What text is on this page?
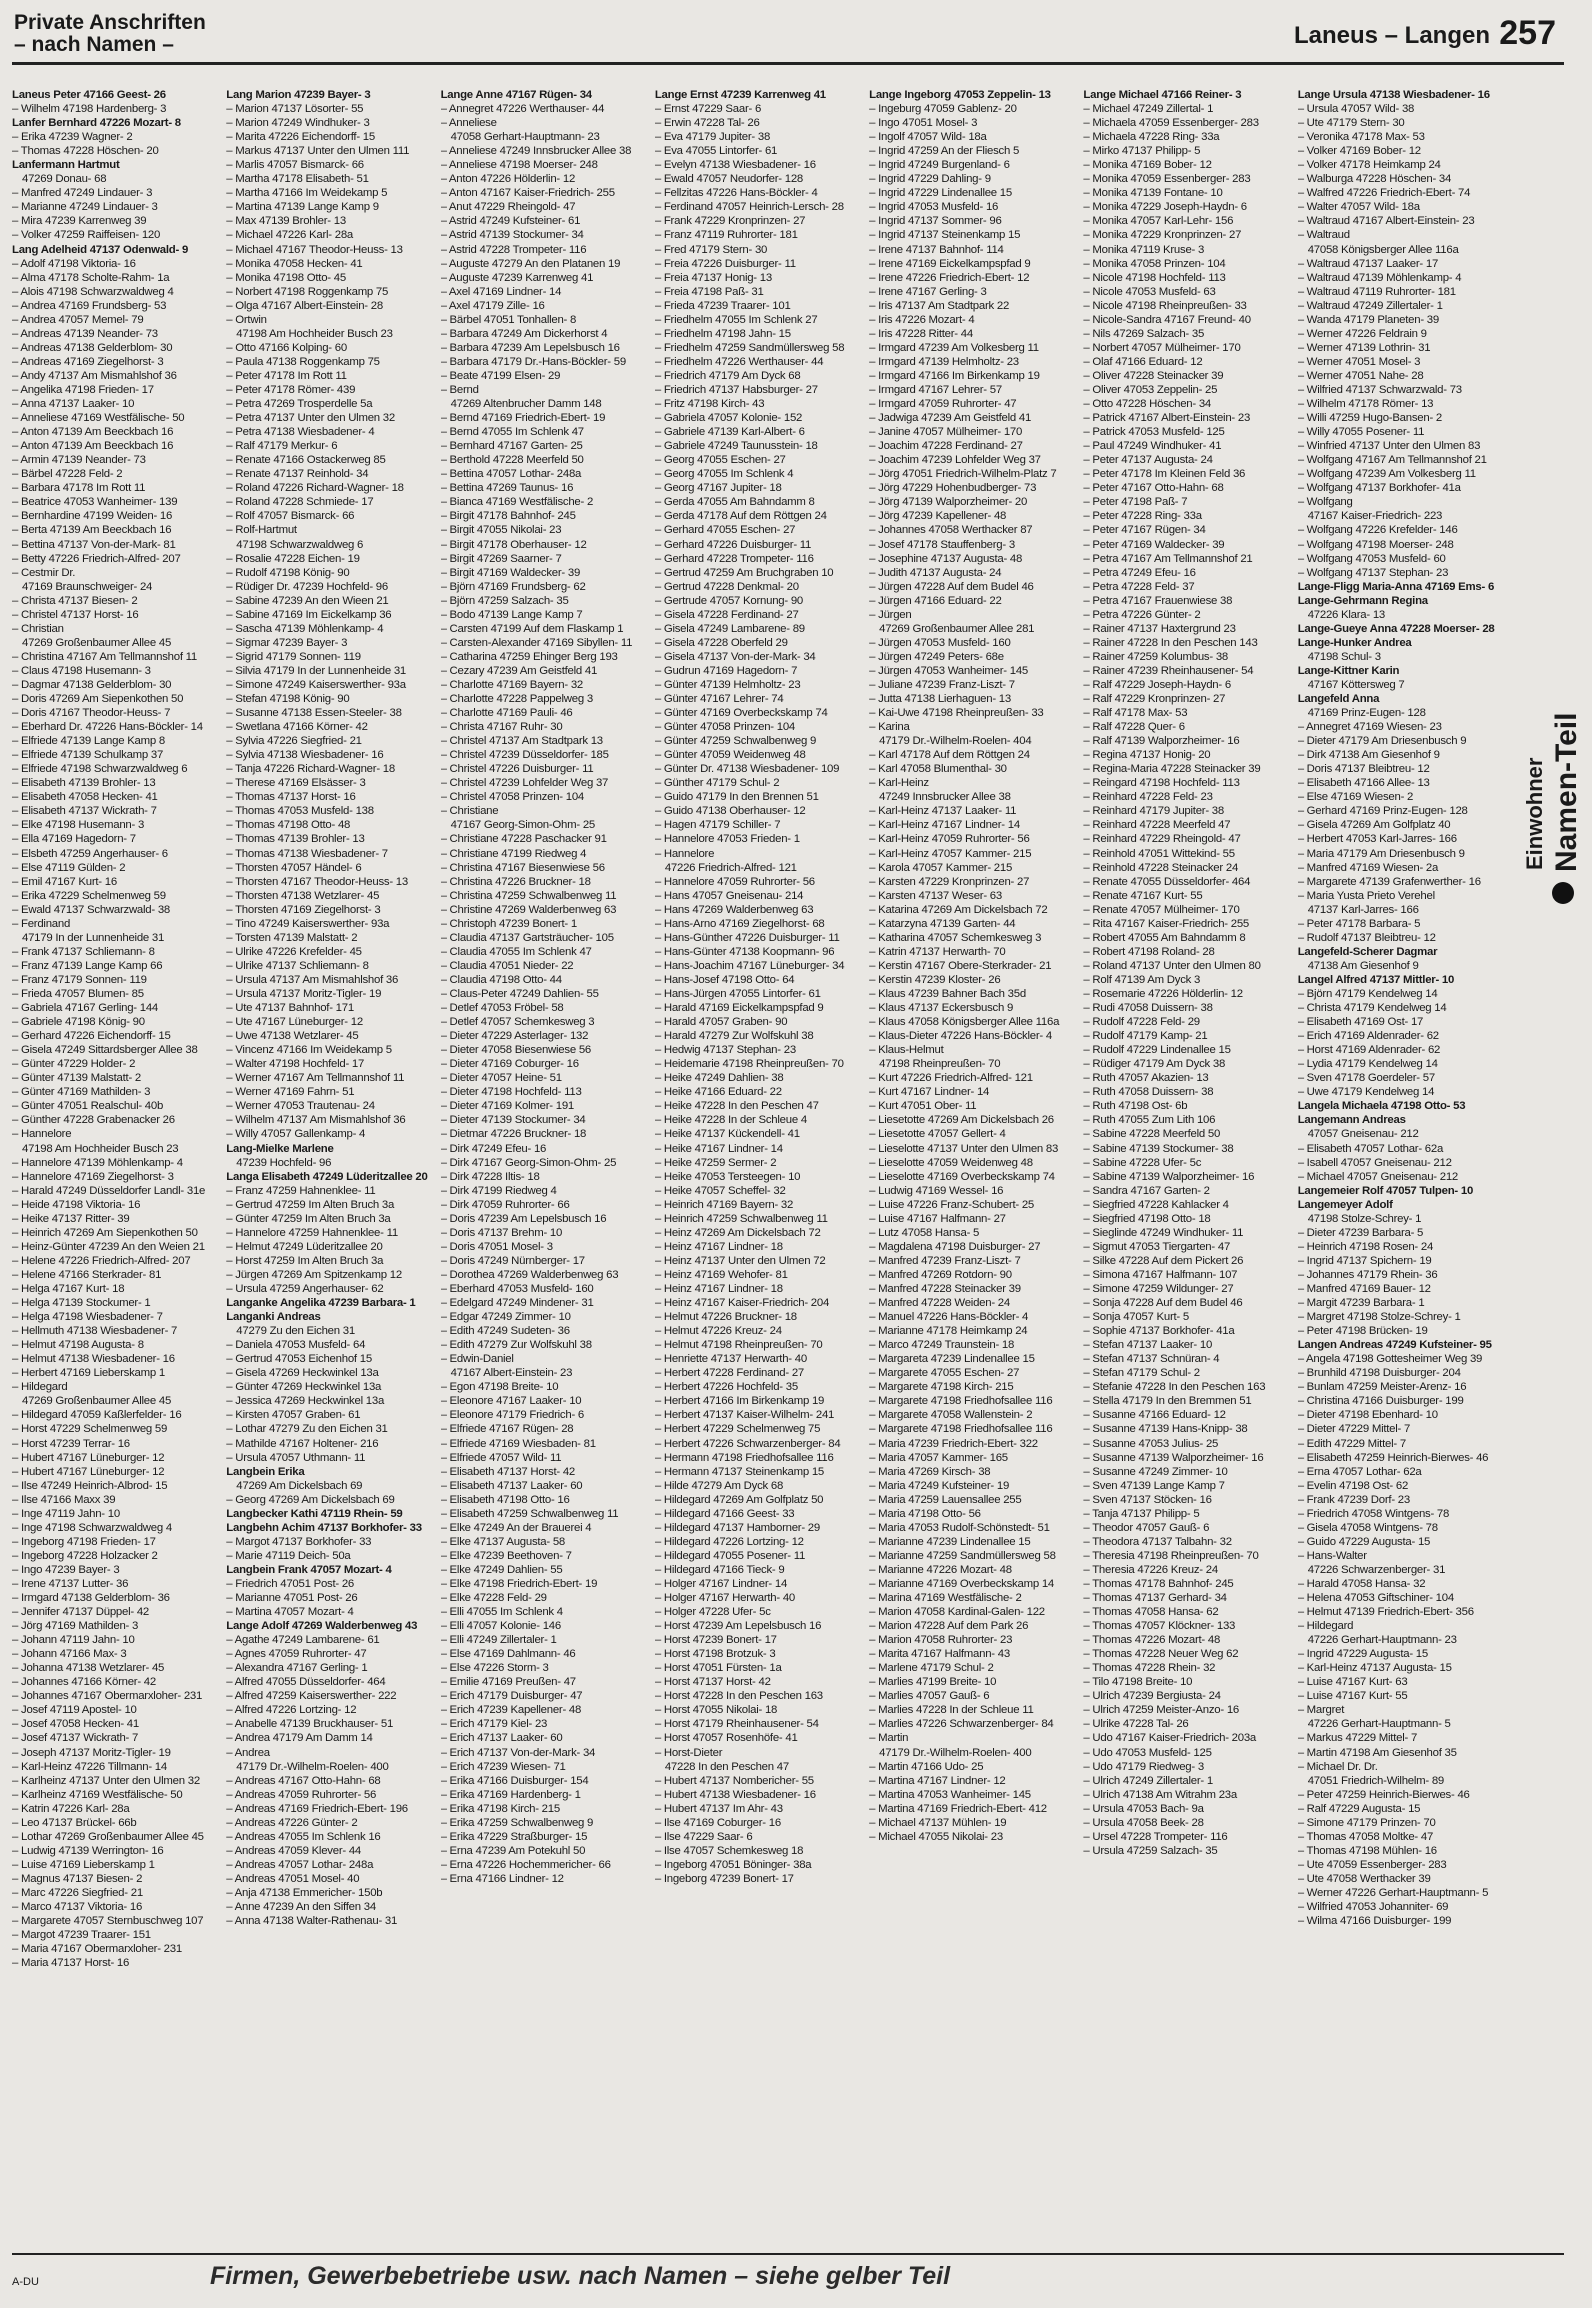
Private Anschriften
– nach Namen –	Laneus – Langen 257
Laneus Peter 47166 Geest- 26
– Wilhelm 47198 Hardenberg- 3
Lanfer Bernhard 47226 Mozart- 8
– Erika 47239 Wagner- 2
– Thomas 47228 Höschen- 20
Lanfermann Hartmut
47269 Donau- 68
– Manfred 47249 Lindauer- 3
– Marianne 47249 Lindauer- 3
– Mira 47239 Karrenweg 39
– Volker 47259 Raiffeisen- 120
Lang Adelheid 47137 Odenwald- 9
– Adolf 47198 Viktoria- 16
– Alma 47178 Scholte-Rahm- 1a
– Alois 47198 Schwarzwaldweg 4
– Andrea 47169 Frundsberg- 53
– Andrea 47057 Memel- 79
– Andreas 47139 Neander- 73
– Andreas 47138 Gelderblom- 30
– Andreas 47169 Ziegelhorst- 3
– Andy 47137 Am Mismahlshof 36
– Angelika 47198 Frieden- 17
– Anna 47137 Laaker- 10
– Anneliese 47169 Westfälische- 50
– Anton 47139 Am Beeckbach 16
– Anton 47139 Am Beeckbach 16
– Armin 47139 Neander- 73
– Bärbel 47228 Feld- 2
– Barbara 47178 Im Rott 11
– Beatrice 47053 Wanheimer- 139
– Bernhardine 47199 Weiden- 16
– Berta 47139 Am Beeckbach 16
– Bettina 47137 Von-der-Mark- 81
– Betty 47226 Friedrich-Alfred- 207
– Cestmir Dr.
47169 Braunschweiger- 24
– Christa 47137 Biesen- 2
– Christel 47137 Horst- 16
– Christian
47269 Großenbaumer Allee 45
– Christina 47167 Am Tellmannshof 11
– Claus 47198 Husemann- 3
– Dagmar 47138 Gelderblom- 30
– Doris 47269 Am Siepenkothen 50
– Doris 47167 Theodor-Heuss- 7
– Eberhard Dr. 47226 Hans-Böckler- 14
– Elfriede 47139 Lange Kamp 8
– Elfriede 47139 Schulkamp 37
– Elfriede 47198 Schwarzwaldweg 6
– Elisabeth 47139 Brohler- 13
– Elisabeth 47058 Hecken- 41
– Elisabeth 47137 Wickrath- 7
– Elke 47198 Husemann- 3
– Ella 47169 Hagedorn- 7
– Elsbeth 47259 Angerhauser- 6
– Else 47119 Gülden- 2
– Emil 47167 Kurt- 16
– Erika 47229 Schelmenweg 59
– Ewald 47137 Schwarzwald- 38
– Ferdinand
47179 In der Lunnenheide 31
– Frank 47137 Schliemann- 8
– Franz 47139 Lange Kamp 66
– Franz 47179 Sonnen- 119
– Frieda 47057 Blumen- 85
– Gabriela 47167 Gerling- 144
– Gabriele 47198 König- 90
– Gerhard 47226 Eichendorff- 15
– Gisela 47249 Sittardsberger Allee 38
– Günter 47229 Holder- 2
– Günter 47139 Malstatt- 2
– Günter 47169 Mathilden- 3
– Günter 47051 Realschul- 40b
– Günther 47228 Grabenacker 26
– Hannelore
47198 Am Hochheider Busch 23
– Hannelore 47139 Möhlenkamp- 4
– Hannelore 47169 Ziegelhorst- 3
– Harald 47249 Düsseldorfer Landl- 31e
– Heide 47198 Viktoria- 16
– Heike 47137 Ritter- 39
– Heinrich 47269 Am Siepenkothen 50
– Heinz-Günter 47239 An den Weien 21
– Helene 47226 Friedrich-Alfred- 207
– Helene 47166 Sterkrader- 81
– Helga 47167 Kurt- 18
– Helga 47139 Stockumer- 1
– Helga 47198 Wiesbadener- 7
– Hellmuth 47138 Wiesbadener- 7
– Helmut 47198 Augusta- 8
– Helmut 47138 Wiesbadener- 16
– Herbert 47169 Lieberskamp 1
– Hildegard
47269 Großenbaumer Allee 45
– Hildegard 47059 Kaßlerfelder- 16
– Horst 47229 Schelmenweg 59
– Horst 47239 Terrar- 16
– Hubert 47167 Lüneburger- 12
– Hubert 47167 Lüneburger- 12
– Ilse 47249 Heinrich-Albrod- 15
– Ilse 47166 Maxx 39
– Inge 47119 Jahn- 10
– Inge 47198 Schwarzwaldweg 4
– Ingeborg 47198 Frieden- 17
– Ingeborg 47228 Holzacker 2
– Ingo 47239 Bayer- 3
– Irene 47137 Lutter- 36
– Irmgard 47138 Gelderblom- 36
– Jennifer 47137 Düppel- 42
– Jörg 47169 Mathilden- 3
– Johann 47119 Jahn- 10
– Johann 47166 Max- 3
– Johanna 47138 Wetzlarer- 45
– Johannes 47166 Körner- 42
– Johannes 47167 Obermarxloher- 231
– Josef 47119 Apostel- 10
– Josef 47058 Hecken- 41
– Josef 47137 Wickrath- 7
– Joseph 47137 Moritz-Tigler- 19
– Karl-Heinz 47226 Tillmann- 14
– Karlheinz 47137 Unter den Ulmen 32
– Karlheinz 47169 Westfälische- 50
– Katrin 47226 Karl- 28a
– Leo 47137 Brückel- 66b
– Lothar 47269 Großenbaumer Allee 45
– Ludwig 47139 Werrington- 16
– Luise 47169 Lieberskamp 1
– Magnus 47137 Biesen- 2
– Marc 47226 Siegfried- 21
– Marco 47137 Viktoria- 16
– Margarete 47057 Sternbuschweg 107
– Margot 47239 Traarer- 151
– Maria 47167 Obermarxloher- 231
– Maria 47137 Horst- 16
Lang Marion 47239 Bayer- 3
– Marion 47137 Lösorter- 55
– Marion 47249 Windhuker- 3
– Marita 47226 Eichendorff- 15
– Markus 47137 Unter den Ulmen 111
– Marlis 47057 Bismarck- 66
– Martha 47178 Elisabeth- 51
– Martha 47166 Im Weidekamp 5
– Martina 47139 Lange Kamp 9
– Max 47139 Brohler- 13
– Michael 47226 Karl- 28a
– Michael 47167 Theodor-Heuss- 13
– Monika 47058 Hecken- 41
– Monika 47198 Otto- 45
– Norbert 47198 Roggenkamp 75
– Olga 47167 Albert-Einstein- 28
– Ortwin
47198 Am Hochheider Busch 23
– Otto 47166 Kolping- 60
– Paula 47138 Roggenkamp 75
– Peter 47178 Im Rott 11
– Peter 47178 Römer- 439
– Petra 47269 Trosperdelle 5a
– Petra 47137 Unter den Ulmen 32
– Petra 47138 Wiesbadener- 4
– Ralf 47179 Merkur- 6
– Renate 47166 Ostackerweg 85
– Renate 47137 Reinhold- 34
– Roland 47226 Richard-Wagner- 18
– Roland 47228 Schmiede- 17
– Rolf 47057 Bismarck- 66
– Rolf-Hartmut
47198 Schwarzwaldweg 6
– Rosalie 47228 Eichen- 19
– Rudolf 47198 König- 90
– Rüdiger Dr. 47239 Hochfeld- 96
– Sabine 47239 An den Wieen 21
– Sabine 47169 Im Eickelkamp 36
– Sascha 47139 Möhlenkamp- 4
– Sigmar 47239 Bayer- 3
– Sigrid 47179 Sonnen- 119
– Silvia 47179 In der Lunnenheide 31
– Simone 47249 Kaiserswerther- 93a
– Stefan 47198 König- 90
– Susanne 47138 Essen-Steeler- 38
– Swetlana 47166 Körner- 42
– Sylvia 47226 Siegfried- 21
– Sylvia 47138 Wiesbadener- 16
– Tanja 47226 Richard-Wagner- 18
– Therese 47169 Elsässer- 3
– Thomas 47137 Horst- 16
– Thomas 47053 Musfeld- 138
– Thomas 47198 Otto- 48
– Thomas 47139 Brohler- 13
– Thomas 47138 Wiesbadener- 7
– Thorsten 47057 Händel- 6
– Thorsten 47167 Theodor-Heuss- 13
– Thorsten 47138 Wetzlarer- 45
– Thorsten 47169 Ziegelhorst- 3
– Tino 47249 Kaiserswerther- 93a
– Torsten 47139 Malstatt- 2
– Ulrike 47226 Krefelder- 45
– Ulrike 47137 Schliemann- 8
– Ursula 47137 Am Mismahlshof 36
– Ursula 47137 Moritz-Tigler- 19
– Ute 47137 Bahnhof- 171
– Ute 47167 Lüneburger- 12
– Uwe 47138 Wetzlarer- 45
– Vincenz 47166 Im Weidekamp 5
– Walter 47198 Hochfeld- 17
– Werner 47167 Am Tellmannshof 11
– Werner 47169 Fahrn- 51
– Werner 47053 Trautenau- 24
– Wilhelm 47137 Am Mismahlshof 36
– Willy 47057 Gallenkamp- 4
Lang-Mielke Marlene
47239 Hochfeld- 96
Langa Elisabeth 47249 Lüderitzallee 20
– Franz 47259 Hahnenklee- 11
– Gertrud 47259 Im Alten Bruch 3a
– Günter 47259 Im Alten Bruch 3a
– Hannelore 47259 Hahnenklee- 11
– Helmut 47249 Lüderitzallee 20
– Horst 47259 Im Alten Bruch 3a
– Jürgen 47269 Am Spitzenkamp 12
– Ursula 47259 Angerhauser- 62
Langanke Angelika 47239 Barbara- 1
Langanki Andreas
47279 Zu den Eichen 31
– Daniela 47053 Musfeld- 64
– Gertrud 47053 Eichenhof 15
– Gisela 47269 Heckwinkel 13a
– Günter 47269 Heckwinkel 13a
– Jessica 47269 Heckwinkel 13a
– Kirsten 47057 Graben- 61
– Lothar 47279 Zu den Eichen 31
– Mathilde 47167 Holtener- 216
– Ursula 47057 Uthmann- 11
Langbein Erika
47269 Am Dickelsbach 69
– Georg 47269 Am Dickelsbach 69
Langbecker Kathi 47119 Rhein- 59
Langbehn Achim 47137 Borkhofer- 33
– Margot 47137 Borkhofer- 33
– Marie 47119 Deich- 50a
Langbein Frank 47057 Mozart- 4
– Friedrich 47051 Post- 26
– Marianne 47051 Post- 26
– Martina 47057 Mozart- 4
Lange Adolf 47269 Walderbenweg 43
– Agathe 47249 Lambarene- 61
– Agnes 47059 Ruhrorter- 47
– Alexandra 47167 Gerling- 1
– Alfred 47055 Düsseldorfer- 464
– Alfred 47259 Kaiserswerther- 222
– Alfred 47226 Lortzing- 12
– Anabelle 47139 Bruckhauser- 51
– Andrea 47179 Am Damm 14
– Andrea
47179 Dr.-Wilhelm-Roelen- 400
– Andreas 47167 Otto-Hahn- 68
– Andreas 47059 Ruhrorter- 56
– Andreas 47169 Friedrich-Ebert- 196
– Andreas 47226 Günter- 2
– Andreas 47055 Im Schlenk 16
– Andreas 47059 Klever- 44
– Andreas 47057 Lothar- 248a
– Andreas 47051 Mosel- 40
– Anja 47138 Emmericher- 150b
– Anne 47239 An den Siffen 34
– Anna 47138 Walter-Rathenau- 31
Lange Anne 47167 Rügen- 34
– Annegret 47226 Werthauser- 44
– Anneliese
47058 Gerhart-Hauptmann- 23
– Anneliese 47249 Innsbrucker Allee 38
– Anneliese 47198 Moerser- 248
– Anton 47226 Hölderlin- 12
– Anton 47167 Kaiser-Friedrich- 255
– Anut 47229 Rheingold- 47
– Astrid 47249 Kufsteiner- 61
– Astrid 47139 Stockumer- 34
– Astrid 47228 Trompeter- 116
– Auguste 47279 An den Platanen 19
– Auguste 47239 Karrenweg 41
– Axel 47169 Lindner- 14
– Axel 47179 Zille- 16
– Bärbel 47051 Tonhallen- 8
– Barbara 47249 Am Dickerhorst 4
– Barbara 47239 Am Lepelsbusch 16
– Barbara 47179 Dr.-Hans-Böckler- 59
– Beate 47199 Elsen- 29
– Bernd
47269 Altenbrucher Damm 148
– Bernd 47169 Friedrich-Ebert- 19
– Bernd 47055 Im Schlenk 47
– Bernhard 47167 Garten- 25
– Berthold 47228 Meerfeld 50
– Bettina 47057 Lothar- 248a
– Bettina 47269 Taunus- 16
– Bianca 47169 Westfälische- 2
– Birgit 47178 Bahnhof- 245
– Birgit 47055 Nikolai- 23
– Birgit 47178 Oberhauser- 12
– Birgit 47269 Saarner- 7
– Birgit 47169 Waldecker- 39
– Björn 47169 Frundsberg- 62
– Björn 47259 Salzach- 35
– Bodo 47139 Lange Kamp 7
– Carsten 47199 Auf dem Flaskamp 1
– Carsten-Alexander 47169 Sibyllen- 11
– Catharina 47259 Ehinger Berg 193
– Cezary 47239 Am Geistfeld 41
– Charlotte 47169 Bayern- 32
– Charlotte 47228 Pappelweg 3
– Charlotte 47169 Pauli- 46
– Christa 47167 Ruhr- 30
– Christel 47137 Am Stadtpark 13
– Christel 47239 Düsseldorfer- 185
– Christel 47226 Duisburger- 11
– Christel 47239 Lohfelder Weg 37
– Christel 47058 Prinzen- 104
– Christiane
47167 Georg-Simon-Ohm- 25
– Christiane 47228 Paschacker 91
– Christiane 47199 Riedweg 4
– Christina 47167 Biesenwiese 56
– Christina 47226 Bruckner- 18
– Christina 47259 Schwalbenweg 11
– Christine 47269 Walderbenweg 63
– Christoph 47239 Bonert- 1
– Claudia 47137 Gartsträucher- 105
– Claudia 47055 Im Schlenk 47
– Claudia 47051 Nieder- 22
– Claudia 47198 Otto- 44
– Claus-Peter 47249 Dahlien- 55
– Detlef 47053 Fröbel- 58
– Detlef 47057 Schemkesweg 3
– Dieter 47229 Asterlager- 132
– Dieter 47058 Biesenwiese 56
– Dieter 47169 Coburger- 16
– Dieter 47057 Heine- 51
– Dieter 47198 Hochfeld- 113
– Dieter 47169 Kolmer- 191
– Dieter 47139 Stockumer- 34
– Dietmar 47226 Bruckner- 18
– Dirk 47249 Efeu- 16
– Dirk 47167 Georg-Simon-Ohm- 25
– Dirk 47228 Iltis- 18
– Dirk 47199 Riedweg 4
– Dirk 47059 Ruhrorter- 66
– Doris 47239 Am Lepelsbusch 16
– Doris 47137 Brehm- 10
– Doris 47051 Mosel- 3
– Doris 47249 Nürnberger- 17
– Dorothea 47269 Walderbenweg 63
– Eberhard 47053 Musfeld- 160
– Edelgard 47249 Mindener- 31
– Edgar 47249 Zimmer- 10
– Edith 47249 Sudeten- 36
– Edith 47279 Zur Wolfskuhl 38
– Edwin-Daniel
47167 Albert-Einstein- 23
– Egon 47198 Breite- 10
– Eleonore 47167 Laaker- 10
– Eleonore 47179 Friedrich- 6
– Elfriede 47167 Rügen- 28
– Elfriede 47169 Wiesbaden- 81
– Elfriede 47057 Wild- 11
– Elisabeth 47137 Horst- 42
– Elisabeth 47137 Laaker- 60
– Elisabeth 47198 Otto- 16
– Elisabeth 47259 Schwalbenweg 11
– Elke 47249 An der Brauerei 4
– Elke 47137 Augusta- 58
– Elke 47239 Beethoven- 7
– Elke 47249 Dahlien- 55
– Elke 47198 Friedrich-Ebert- 19
– Elke 47228 Feld- 29
– Elli 47055 Im Schlenk 4
– Elli 47057 Kolonie- 146
– Elli 47249 Zillertaler- 1
– Else 47169 Dahlmann- 46
– Else 47226 Storm- 3
– Emilie 47169 Preußen- 47
– Erich 47179 Duisburger- 47
– Erich 47239 Kapellener- 48
– Erich 47179 Kiel- 23
– Erich 47137 Laaker- 60
– Erich 47137 Von-der-Mark- 34
– Erich 47239 Wiesen- 71
– Erika 47166 Duisburger- 154
– Erika 47169 Hardenberg- 1
– Erika 47198 Kirch- 215
– Erika 47259 Schwalbenweg 9
– Erika 47229 Straßburger- 15
– Erna 47239 Am Potekuhl 50
– Erna 47226 Hochemmericher- 66
– Erna 47166 Lindner- 12
Lange Ernst 47239 Karrenweg 41
– Ernst 47229 Saar- 6
– Erwin 47228 Tal- 26
– Eva 47179 Jupiter- 38
– Eva 47055 Lintorfer- 61
– Evelyn 47138 Wiesbadener- 16
– Ewald 47057 Neudorfer- 128
– Fellzitas 47226 Hans-Böckler- 4
– Ferdinand 47057 Heinrich-Lersch- 28
– Frank 47229 Kronprinzen- 27
– Franz 47119 Ruhrorter- 181
– Fred 47179 Stern- 30
– Freia 47226 Duisburger- 11
– Freia 47137 Honig- 13
– Freia 47198 Paß- 31
– Frieda 47239 Traarer- 101
– Friedhelm 47055 Im Schlenk 27
– Friedhelm 47198 Jahn- 15
– Friedhelm 47259 Sandmüllersweg 58
– Friedhelm 47226 Werthauser- 44
– Friedrich 47179 Am Dyck 68
– Friedrich 47137 Habsburger- 27
– Fritz 47198 Kirch- 43
– Gabriela 47057 Kolonie- 152
– Gabriele 47139 Karl-Albert- 6
– Gabriele 47249 Taunusstein- 18
– Georg 47055 Eschen- 27
– Georg 47055 Im Schlenk 4
– Georg 47167 Jupiter- 18
– Gerda 47055 Am Bahndamm 8
– Gerda 47178 Auf dem Röttgen 24
– Gerhard 47055 Eschen- 27
– Gerhard 47226 Duisburger- 11
– Gerhard 47228 Trompeter- 116
– Gertrud 47259 Am Bruchgraben 10
– Gertrud 47228 Denkmal- 20
– Gertrude 47057 Kornung- 90
– Gisela 47228 Ferdinand- 27
– Gisela 47249 Lambarene- 89
– Gisela 47228 Oberfeld 29
– Gisela 47137 Von-der-Mark- 34
– Gudrun 47169 Hagedorn- 7
– Günter 47139 Helmholtz- 23
– Günter 47167 Lehrer- 74
– Günter 47169 Overbeckskamp 74
– Günter 47058 Prinzen- 104
– Günter 47259 Schwalbenweg 9
– Günter 47059 Weidenweg 48
– Günter Dr. 47138 Wiesbadener- 109
– Günther 47179 Schul- 2
– Guido 47179 In den Brennen 51
– Guido 47138 Oberhauser- 12
– Hagen 47179 Schiller- 7
– Hannelore 47053 Frieden- 1
– Hannelore
47226 Friedrich-Alfred- 121
– Hannelore 47059 Ruhrorter- 56
– Hans 47057 Gneisenau- 214
– Hans 47269 Walderbenweg 63
– Hans-Arno 47169 Ziegelhorst- 68
– Hans-Günther 47226 Duisburger- 11
– Hans-Günter 47138 Koopmann- 96
– Hans-Joachim 47167 Lüneburger- 34
– Hans-Josef 47198 Otto- 64
– Hans-Jürgen 47055 Lintorfer- 61
– Harald 47169 Eickelkampspfad 9
– Harald 47057 Graben- 90
– Harald 47279 Zur Wolfskuhl 38
– Hedwig 47137 Stephan- 23
– Heidemarie 47198 Rheinpreußen- 70
– Heike 47249 Dahlien- 38
– Heike 47166 Eduard- 22
– Heike 47228 In den Peschen 47
– Heike 47228 In der Schleue 4
– Heike 47137 Kückendell- 41
– Heike 47167 Lindner- 14
– Heike 47259 Sermer- 2
– Heike 47053 Tersteegen- 10
– Heike 47057 Scheffel- 32
– Heinrich 47169 Bayern- 32
– Heinrich 47259 Schwalbenweg 11
– Heinz 47269 Am Dickelsbach 72
– Heinz 47167 Lindner- 18
– Heinz 47137 Unter den Ulmen 72
– Heinz 47169 Wehofer- 81
– Heinz 47167 Lindner- 18
– Heinz 47167 Kaiser-Friedrich- 204
– Helmut 47226 Bruckner- 18
– Helmut 47226 Kreuz- 24
– Helmut 47198 Rheinpreußen- 70
– Henriette 47137 Herwarth- 40
– Herbert 47228 Ferdinand- 27
– Herbert 47226 Hochfeld- 35
– Herbert 47166 Im Birkenkamp 19
– Herbert 47137 Kaiser-Wilhelm- 241
– Herbert 47229 Schelmenweg 75
– Herbert 47226 Schwarzenberger- 84
– Hermann 47198 Friedhofsallee 116
– Hermann 47137 Steinenkamp 15
– Hilde 47279 Am Dyck 68
– Hildegard 47269 Am Golfplatz 50
– Hildegard 47166 Geest- 33
– Hildegard 47137 Hamborner- 29
– Hildegard 47226 Lortzing- 12
– Hildegard 47055 Posener- 11
– Hildegard 47166 Tieck- 9
– Holger 47167 Lindner- 14
– Holger 47167 Herwarth- 40
– Holger 47228 Ufer- 5c
– Horst 47239 Am Lepelsbusch 16
– Horst 47239 Bonert- 17
– Horst 47198 Brotzuk- 3
– Horst 47051 Fürsten- 1a
– Horst 47137 Horst- 42
– Horst 47228 In den Peschen 163
– Horst 47055 Nikolai- 18
– Horst 47179 Rheinhausener- 54
– Horst 47057 Rosenhöfe- 41
– Horst-Dieter
47228 In den Peschen 47
– Hubert 47137 Nombericher- 55
– Hubert 47138 Wiesbadener- 16
– Hubert 47137 Im Ahr- 43
– Ilse 47169 Coburger- 16
– Ilse 47229 Saar- 6
– Ilse 47057 Schemkesweg 18
– Ingeborg 47051 Böninger- 38a
– Ingeborg 47239 Bonert- 17
Lange Ingeborg 47053 Zeppelin- 13
– Ingeburg 47059 Gablenz- 20
– Ingo 47051 Mosel- 3
– Ingolf 47057 Wild- 18a
– Ingrid 47259 An der Fliesch 5
– Ingrid 47249 Burgenland- 6
– Ingrid 47229 Dahling- 9
– Ingrid 47229 Lindenallee 15
– Ingrid 47053 Musfeld- 16
– Ingrid 47137 Sommer- 96
– Ingrid 47137 Steinenkamp 15
– Irene 47137 Bahnhof- 114
– Irene 47169 Eickelkampspfad 9
– Irene 47226 Friedrich-Ebert- 12
– Irene 47167 Gerling- 3
– Iris 47137 Am Stadtpark 22
– Iris 47226 Mozart- 4
– Iris 47228 Ritter- 44
– Irmgard 47239 Am Volkesberg 11
– Irmgard 47139 Helmholtz- 23
– Irmgard 47166 Im Birkenkamp 19
– Irmgard 47167 Lehrer- 57
– Irmgard 47059 Ruhrorter- 47
– Jadwiga 47239 Am Geistfeld 41
– Janine 47057 Mülheimer- 170
– Joachim 47228 Ferdinand- 27
– Joachim 47239 Lohfelder Weg 37
– Jörg 47051 Friedrich-Wilhelm-Platz 7
– Jörg 47229 Hohenbudberger- 73
– Jörg 47139 Walporzheimer- 20
– Jörg 47239 Kapellener- 48
– Johannes 47058 Werthacker 87
– Josef 47178 Stauffenberg- 3
– Josephine 47137 Augusta- 48
– Judith 47137 Augusta- 24
– Jürgen 47228 Auf dem Budel 46
– Jürgen 47166 Eduard- 22
– Jürgen
47269 Großenbaumer Allee 281
– Jürgen 47053 Musfeld- 160
– Jürgen 47249 Peters- 68e
– Jürgen 47053 Wanheimer- 145
– Juliane 47239 Franz-Liszt- 7
– Jutta 47138 Lierhaguen- 13
– Kai-Uwe 47198 Rheinpreußen- 33
– Karina
47179 Dr.-Wilhelm-Roelen- 404
– Karl 47178 Auf dem Röttgen 24
– Karl 47058 Blumenthal- 30
– Karl-Heinz
47249 Innsbrucker Allee 38
– Karl-Heinz 47137 Laaker- 11
– Karl-Heinz 47167 Lindner- 14
– Karl-Heinz 47059 Ruhrorter- 56
– Karl-Heinz 47057 Kammer- 215
– Karola 47057 Kammer- 215
– Karsten 47229 Kronprinzen- 27
– Karsten 47137 Weser- 63
– Katarina 47269 Am Dickelsbach 72
– Katarzyna 47139 Garten- 44
– Katharina 47057 Schemkesweg 3
– Katrin 47137 Herwarth- 70
– Kerstin 47167 Obere-Sterkrader- 21
– Kerstin 47239 Kloster- 26
– Klaus 47239 Bahner Bach 35d
– Klaus 47137 Eckersbusch 9
– Klaus 47058 Königsberger Allee 116a
– Klaus-Dieter 47226 Hans-Böckler- 4
– Klaus-Helmut
47198 Rheinpreußen- 70
– Kurt 47226 Friedrich-Alfred- 121
– Kurt 47167 Lindner- 14
– Kurt 47051 Ober- 11
– Liesetotte 47269 Am Dickelsbach 26
– Liesetotte 47057 Gellert- 4
– Lieselotte 47137 Unter den Ulmen 83
– Lieselotte 47059 Weidenweg 48
– Lieselotte 47169 Overbeckskamp 74
– Ludwig 47169 Wessel- 16
– Luise 47226 Franz-Schubert- 25
– Luise 47167 Halfmann- 27
– Lutz 47058 Hansa- 5
– Magdalena 47198 Duisburger- 27
– Manfred 47239 Franz-Liszt- 7
– Manfred 47269 Rotdorn- 90
– Manfred 47228 Steinacker 39
– Manfred 47228 Weiden- 24
– Manuel 47226 Hans-Böckler- 4
– Marianne 47178 Heimkamp 24
– Marco 47249 Traunstein- 18
– Margareta 47239 Lindenallee 15
– Margarete 47055 Eschen- 27
– Margarete 47198 Kirch- 215
– Margarete 47198 Friedhofsallee 116
– Margarete 47058 Wallenstein- 2
– Margarete 47198 Friedhofsallee 116
– Maria 47239 Friedrich-Ebert- 322
– Maria 47057 Kammer- 165
– Maria 47269 Kirsch- 38
– Maria 47249 Kufsteiner- 19
– Maria 47259 Lauensallee 255
– Maria 47198 Otto- 56
– Maria 47053 Rudolf-Schönstedt- 51
– Marianne 47239 Lindenallee 15
– Marianne 47259 Sandmüllersweg 58
– Marianne 47226 Mozart- 48
– Marianne 47169 Overbeckskamp 14
– Marina 47169 Westfälische- 2
– Marion 47058 Kardinal-Galen- 122
– Marion 47228 Auf dem Park 26
– Marion 47058 Ruhrorter- 23
– Marita 47167 Halfmann- 43
– Marlene 47179 Schul- 2
– Marlies 47199 Breite- 10
– Marlies 47057 Gauß- 6
– Marlies 47228 In der Schleue 11
– Marlies 47226 Schwarzenberger- 84
– Martin
47179 Dr.-Wilhelm-Roelen- 400
– Martin 47166 Udo- 25
– Martina 47167 Lindner- 12
– Martina 47053 Wanheimer- 145
– Martina 47169 Friedrich-Ebert- 412
– Michael 47137 Mühlen- 19
– Michael 47055 Nikolai- 23
Lange Michael 47166 Reiner- 3
– Michael 47249 Zillertal- 1
– Michaela 47059 Essenberger- 283
– Michaela 47228 Ring- 33a
– Mirko 47137 Philipp- 5
– Monika 47169 Bober- 12
– Monika 47059 Essenberger- 283
– Monika 47139 Fontane- 10
– Monika 47229 Joseph-Haydn- 6
– Monika 47057 Karl-Lehr- 156
– Monika 47229 Kronprinzen- 27
– Monika 47119 Kruse- 3
– Monika 47058 Prinzen- 104
– Nicole 47198 Hochfeld- 113
– Nicole 47053 Musfeld- 63
– Nicole 47198 Rheinpreußen- 33
– Nicole-Sandra 47167 Freund- 40
– Nils 47269 Salzach- 35
– Norbert 47057 Mülheimer- 170
– Olaf 47166 Eduard- 12
– Oliver 47228 Steinacker 39
– Oliver 47053 Zeppelin- 25
– Otto 47228 Höschen- 34
– Patrick 47167 Albert-Einstein- 23
– Patrick 47053 Musfeld- 125
– Paul 47249 Windhuker- 41
– Peter 47137 Augusta- 24
– Peter 47178 Im Kleinen Feld 36
– Peter 47167 Otto-Hahn- 68
– Peter 47198 Paß- 7
– Peter 47228 Ring- 33a
– Peter 47167 Rügen- 34
– Peter 47169 Waldecker- 39
– Petra 47167 Am Tellmannshof 21
– Petra 47249 Efeu- 16
– Petra 47228 Feld- 37
– Petra 47167 Frauenwiese 38
– Petra 47226 Günter- 2
– Rainer 47137 Haxtergrund 23
– Rainer 47228 In den Peschen 143
– Rainer 47259 Kolumbus- 38
– Rainer 47239 Rheinhausener- 54
– Ralf 47229 Joseph-Haydn- 6
– Ralf 47229 Kronprinzen- 27
– Ralf 47178 Max- 53
– Ralf 47228 Quer- 6
– Ralf 47139 Walporzheimer- 16
– Regina 47137 Honig- 20
– Regina-Maria 47228 Steinacker 39
– Reingard 47198 Hochfeld- 113
– Reinhard 47228 Feld- 23
– Reinhard 47179 Jupiter- 38
– Reinhard 47228 Meerfeld 47
– Reinhard 47229 Rheingold- 47
– Reinhold 47051 Wittekind- 55
– Reinhold 47228 Steinacker 24
– Renate 47055 Düsseldorfer- 464
– Renate 47167 Kurt- 55
– Renate 47057 Mülheimer- 170
– Rita 47167 Kaiser-Friedrich- 255
– Robert 47055 Am Bahndamm 8
– Robert 47198 Roland- 28
– Roland 47137 Unter den Ulmen 80
– Rolf 47139 Am Dyck 3
– Rosemarie 47226 Hölderlin- 12
– Rudi 47058 Duissern- 38
– Rudolf 47228 Feld- 29
– Rudolf 47179 Kamp- 21
– Rudolf 47229 Lindenallee 15
– Rüdiger 47179 Am Dyck 38
– Ruth 47057 Akazien- 13
– Ruth 47058 Duissern- 38
– Ruth 47198 Ost- 6b
– Ruth 47055 Zum Lith 106
– Sabine 47228 Meerfeld 50
– Sabine 47139 Stockumer- 38
– Sabine 47228 Ufer- 5c
– Sabine 47139 Walporzheimer- 16
– Sandra 47167 Garten- 2
– Siegfried 47228 Kahlacker 4
– Siegfried 47198 Otto- 18
– Sieglinde 47249 Windhuker- 11
– Sigmut 47053 Tiergarten- 47
– Silke 47228 Auf dem Pickert 26
– Simona 47167 Halfmann- 107
– Simone 47259 Wildunger- 27
– Sonja 47228 Auf dem Budel 46
– Sonja 47057 Kurt- 5
– Sophie 47137 Borkhofer- 41a
– Stefan 47137 Laaker- 10
– Stefan 47137 Schnüran- 4
– Stefan 47179 Schul- 2
– Stefanie 47228 In den Peschen 163
– Stella 47179 In den Bremmen 51
– Susanne 47166 Eduard- 12
– Susanne 47139 Hans-Knipp- 38
– Susanne 47053 Julius- 25
– Susanne 47139 Walporzheimer- 16
– Susanne 47249 Zimmer- 10
– Sven 47139 Lange Kamp 7
– Sven 47137 Stöcken- 16
– Tanja 47137 Philipp- 5
– Theodor 47057 Gauß- 6
– Theodora 47137 Talbahn- 32
– Theresia 47198 Rheinpreußen- 70
– Theresia 47226 Kreuz- 24
– Thomas 47178 Bahnhof- 245
– Thomas 47137 Gerhard- 34
– Thomas 47058 Hansa- 62
– Thomas 47057 Klöckner- 133
– Thomas 47226 Mozart- 48
– Thomas 47228 Neuer Weg 62
– Thomas 47228 Rhein- 32
– Tilo 47198 Breite- 10
– Ulrich 47239 Bergiusta- 24
– Ulrich 47259 Meister-Anzo- 16
– Ulrike 47228 Tal- 26
– Udo 47167 Kaiser-Friedrich- 203a
– Udo 47053 Musfeld- 125
– Udo 47179 Riedweg- 3
– Ulrich 47249 Zillertaler- 1
– Ulrich 47138 Am Witrahm 23a
– Ursula 47053 Bach- 9a
– Ursula 47058 Beek- 28
– Ursel 47228 Trompeter- 116
– Ursula 47259 Salzach- 35
Lange Ursula 47138 Wiesbadener- 16
– Ursula 47057 Wild- 38
– Ute 47179 Stern- 30
– Veronika 47178 Max- 53
– Volker 47169 Bober- 12
– Volker 47178 Heimkamp 24
– Walburga 47228 Höschen- 34
– Walfred 47226 Friedrich-Ebert- 74
– Walter 47057 Wild- 18a
– Waltraud 47167 Albert-Einstein- 23
– Waltraud
47058 Königsberger Allee 116a
– Waltraud 47137 Laaker- 17
– Waltraud 47139 Möhlenkamp- 4
– Waltraud 47119 Ruhrorter- 181
– Waltraud 47249 Zillertaler- 1
– Wanda 47179 Planeten- 39
– Werner 47226 Feldrain 9
– Werner 47139 Lothrin- 31
– Werner 47051 Mosel- 3
– Werner 47051 Nahe- 28
– Wilfried 47137 Schwarzwald- 73
– Wilhelm 47178 Römer- 13
– Willi 47259 Hugo-Bansen- 2
– Willy 47055 Posener- 11
– Winfried 47137 Unter den Ulmen 83
– Wolfgang 47167 Am Tellmannshof 21
– Wolfgang 47239 Am Volkesberg 11
– Wolfgang 47137 Borkhofer- 41a
– Wolfgang
47167 Kaiser-Friedrich- 223
– Wolfgang 47226 Krefelder- 146
– Wolfgang 47198 Moerser- 248
– Wolfgang 47053 Musfeld- 60
– Wolfgang 47137 Stephan- 23
Lange-Fligg Maria-Anna 47169 Ems- 6
Lange-Gehrmann Regina
47226 Klara- 13
Lange-Gueye Anna 47228 Moerser- 28
Lange-Hunker Andrea
47198 Schul- 3
Lange-Kittner Karin
47167 Köttersweg 7
Langefeld Anna
47169 Prinz-Eugen- 128
– Annegret 47169 Wiesen- 23
– Dieter 47179 Am Driesenbusch 9
– Dirk 47138 Am Giesenhof 9
– Doris 47137 Bleibtreu- 12
– Elisabeth 47166 Allee- 13
– Else 47169 Wiesen- 2
– Gerhard 47169 Prinz-Eugen- 128
– Gisela 47269 Am Golfplatz 40
– Herbert 47053 Karl-Jarres- 166
– Maria 47179 Am Driesenbusch 9
– Manfred 47169 Wiesen- 2a
– Margarete 47139 Grafenwerther- 16
– Maria Yusta Prieto Verehel
47137 Karl-Jarres- 166
– Peter 47178 Barbara- 5
– Rudolf 47137 Bleibtreu- 12
Langefeld-Scherer Dagmar
47138 Am Giesenhof 9
Langel Alfred 47137 Mittler- 10
– Björn 47179 Kendelweg 14
– Christa 47179 Kendelweg 14
– Elisabeth 47169 Ost- 17
– Erich 47169 Aldenrader- 62
– Horst 47169 Aldenrader- 62
– Lydia 47179 Kendelweg 14
– Sven 47178 Goerdeler- 57
– Uwe 47179 Kendelweg 14
Langela Michaela 47198 Otto- 53
Langemann Andreas
47057 Gneisenau- 212
– Elisabeth 47057 Lothar- 62a
– Isabell 47057 Gneisenau- 212
– Michael 47057 Gneisenau- 212
Langemeier Rolf 47057 Tulpen- 10
Langemeyer Adolf
47198 Stolze-Schrey- 1
– Dieter 47239 Barbara- 5
– Heinrich 47198 Rosen- 24
– Ingrid 47137 Spichern- 19
– Johannes 47179 Rhein- 36
– Manfred 47169 Bauer- 12
– Margit 47239 Barbara- 1
– Margret 47198 Stolze-Schrey- 1
– Peter 47198 Brücken- 19
Langen Andreas 47249 Kufsteiner- 95
– Angela 47198 Gottesheimer Weg 39
– Brunhild 47198 Duisburger- 204
– Bunlam 47259 Meister-Arenz- 16
– Christina 47166 Duisburger- 199
– Dieter 47198 Ebenhard- 10
– Dieter 47229 Mittel- 7
– Edith 47229 Mittel- 7
– Elisabeth 47259 Heinrich-Bierwes- 46
– Erna 47057 Lothar- 62a
– Evelin 47198 Ost- 62
– Frank 47239 Dorf- 23
– Friedrich 47058 Wintgens- 78
– Gisela 47058 Wintgens- 78
– Guido 47229 Augusta- 15
– Hans-Walter
47226 Schwarzenberger- 31
– Harald 47058 Hansa- 32
– Helena 47053 Giftschiner- 104
– Helmut 47139 Friedrich-Ebert- 356
– Hildegard
47226 Gerhart-Hauptmann- 23
– Ingrid 47229 Augusta- 15
– Karl-Heinz 47137 Augusta- 15
– Luise 47167 Kurt- 63
– Luise 47167 Kurt- 55
– Margret
47226 Gerhart-Hauptmann- 5
– Markus 47229 Mittel- 7
– Martin 47198 Am Giesenhof 35
– Michael Dr. Dr.
47051 Friedrich-Wilhelm- 89
– Peter 47259 Heinrich-Bierwes- 46
– Ralf 47229 Augusta- 15
– Simone 47179 Prinzen- 70
– Thomas 47058 Moltke- 47
– Thomas 47198 Mühlen- 16
– Ute 47059 Essenberger- 283
– Ute 47058 Werthacker 39
– Werner 47226 Gerhart-Hauptmann- 5
– Wilfried 47053 Johanniter- 69
– Wilma 47166 Duisburger- 199
Einwohner Namen-Teil
A-DU	Firmen, Gewerbebetriebe usw. nach Namen – siehe gelber Teil
